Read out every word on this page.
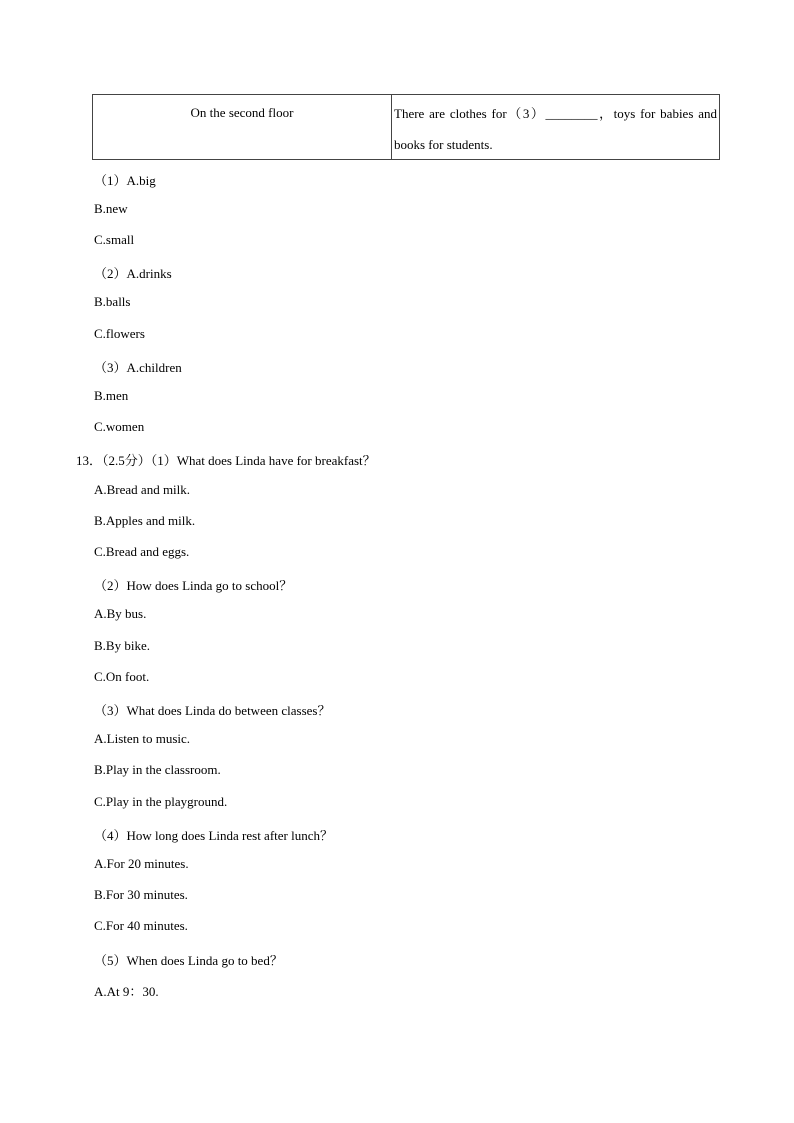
On the second floor	There are clothes for（3）________，toys for babies and books for students.
（1）A.big
B.new
C.small
（2）A.drinks
B.balls
C.flowers
（3）A.children
B.men
C.women
13．（2.5分）（1）What does Linda have for breakfast？
A.Bread and milk.
B.Apples and milk.
C.Bread and eggs.
（2）How does Linda go to school？
A.By bus.
B.By bike.
C.On foot.
（3）What does Linda do between classes？
A.Listen to music.
B.Play in the classroom.
C.Play in the playground.
（4）How long does Linda rest after lunch？
A.For 20 minutes.
B.For 30 minutes.
C.For 40 minutes.
（5）When does Linda go to bed？
A.At 9：30.
